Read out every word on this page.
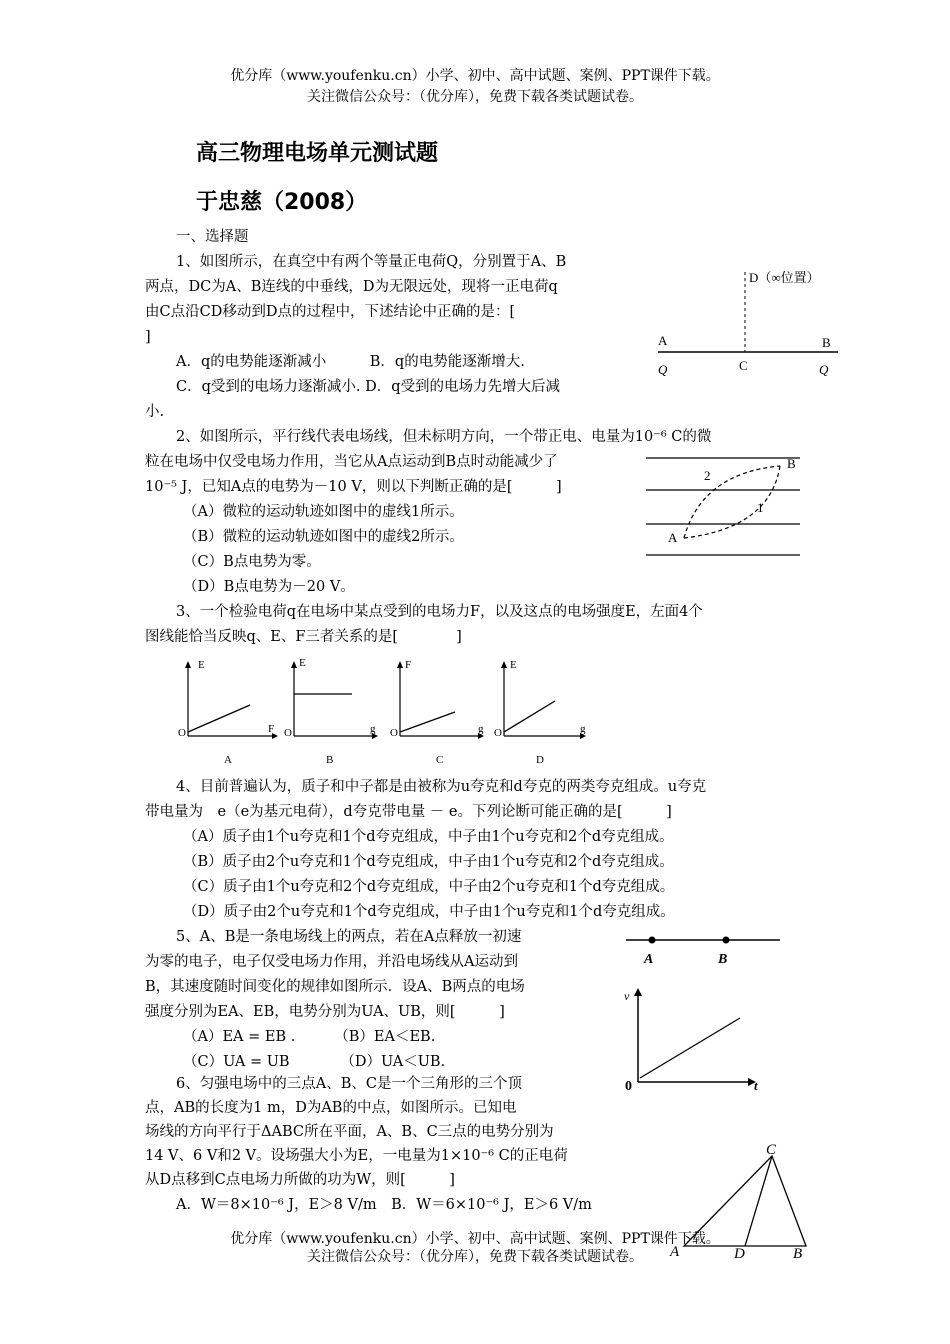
优分库（www.youfenku.cn）小学、初中、高中试题、案例、PPT课件下载。
关注微信公众号：（优分库），免费下载各类试题试卷。
高三物理电场单元测试题
于忠慈（2008）
一、选择题
1、如图所示，在真空中有两个等量正电荷Q，分别置于A、B
两点，DC为A、B连线的中垂线，D为无限远处，现将一正电荷q
由C点沿CD移动到D点的过程中，下述结论中正确的是：[
]
A．q的电势能逐渐减小　　　B．q的电势能逐渐增大.
C．q受到的电场力逐渐减小. D．q受到的电场力先增大后减
小.
D（∞位置）
A	B
C
Q	Q
2、如图所示，平行线代表电场线，但未标明方向，一个带正电、电量为10⁻⁶ C的微
粒在电场中仅受电场力作用，当它从A点运动到B点时动能减少了
10⁻⁵ J，已知A点的电势为－10 V，则以下判断正确的是[　　　]
（A）微粒的运动轨迹如图中的虚线1所示。
（B）微粒的运动轨迹如图中的虚线2所示。
（C）B点电势为零。
（D）B点电势为－20 V。
A
B
1
2
3、一个检验电荷q在电场中某点受到的电场力F，以及这点的电场强度E，左面4个
图线能恰当反映q、E、F三者关系的是[　　　　]
E
F
O
A
E
g
O
B
F
g
O
C
E
g
O
D
4、目前普遍认为，质子和中子都是由被称为u夸克和d夸克的两类夸克组成。u夸克
带电量为　e（e为基元电荷），d夸克带电量 － e。下列论断可能正确的是[　　　]
（A）质子由1个u夸克和1个d夸克组成，中子由1个u夸克和2个d夸克组成。
（B）质子由2个u夸克和1个d夸克组成，中子由1个u夸克和2个d夸克组成。
（C）质子由1个u夸克和2个d夸克组成，中子由2个u夸克和1个d夸克组成。
（D）质子由2个u夸克和1个d夸克组成，中子由1个u夸克和1个d夸克组成。
5、A、B是一条电场线上的两点，若在A点释放一初速
为零的电子，电子仅受电场力作用，并沿电场线从A运动到
B，其速度随时间变化的规律如图所示．设A、B两点的电场
强度分别为EA、EB，电势分别为UA、UB，则[　　　]
（A）EA = EB ．　　　（B）EA＜EB.
（C）UA = UB　　　　（D）UA＜UB．
A	B
v
t
0
6、匀强电场中的三点A、B、C是一个三角形的三个顶
点，AB的长度为1 m，D为AB的中点，如图所示。已知电
场线的方向平行于ΔABC所在平面，A、B、C三点的电势分别为
14 V、6 V和2 V。设场强大小为E，一电量为1×10⁻⁶ C的正电荷
从D点移到C点电场力所做的功为W，则[　　　]
A．W＝8×10⁻⁶ J，E＞8 V/m　B．W＝6×10⁻⁶ J，E＞6 V/m
C
A	D	B
优分库（www.youfenku.cn）小学、初中、高中试题、案例、PPT课件下载。
关注微信公众号：（优分库），免费下载各类试题试卷。
